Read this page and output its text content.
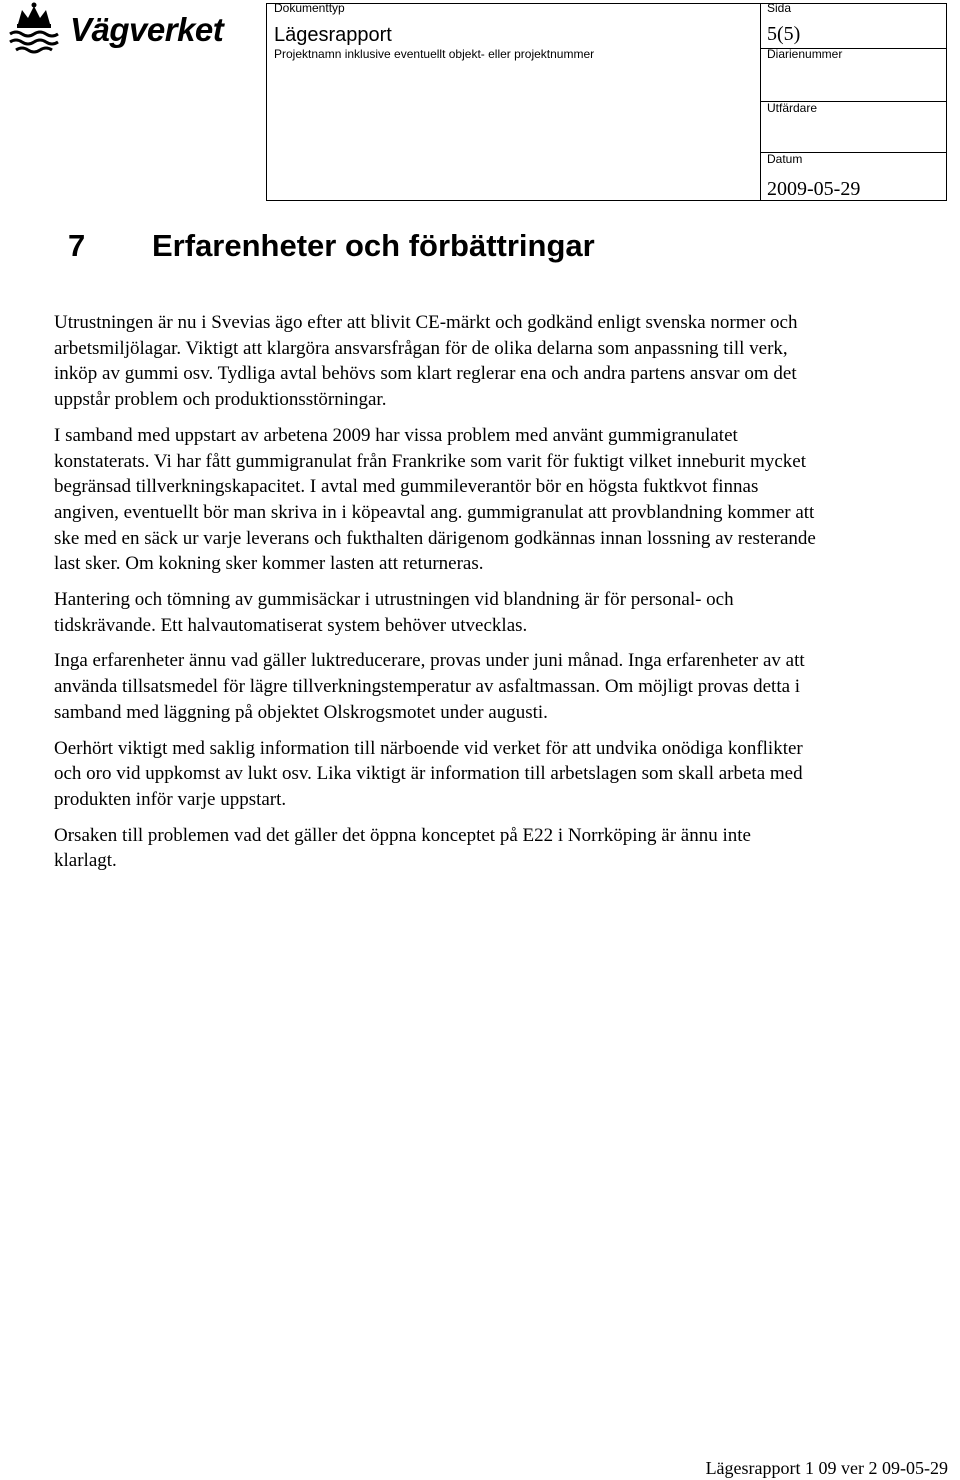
Vägverket
Dokumenttyp
Lägesrapport
Projektnamn inklusive eventuellt objekt- eller projektnummer
Sida
5(5)
Diarienummer
Utfärdare
Datum
2009-05-29
7 Erfarenheter och förbättringar

Utrustningen är nu i Svevias ägo efter att blivit CE-märkt och godkänd enligt svenska normer och
arbetsmiljölagar. Viktigt att klargöra ansvarsfrågan för de olika delarna som anpassning till verk,
inköp av gummi osv. Tydliga avtal behövs som klart reglerar ena och andra partens ansvar om det
uppstår problem och produktionsstörningar.

I samband med uppstart av arbetena 2009 har vissa problem med använt gummigranulatet
konstaterats. Vi har fått gummigranulat från Frankrike som varit för fuktigt vilket inneburit mycket
begränsad tillverkningskapacitet. I avtal med gummileverantör bör en högsta fuktkvot finnas
angiven, eventuellt bör man skriva in i köpeavtal ang. gummigranulat att provblandning kommer att
ske med en säck ur varje leverans och fukthalten därigenom godkännas innan lossning av resterande
last sker. Om kokning sker kommer lasten att returneras.

Hantering och tömning av gummisäckar i utrustningen vid blandning är för personal- och
tidskrävande. Ett halvautomatiserat system behöver utvecklas.

Inga erfarenheter ännu vad gäller luktreducerare, provas under juni månad. Inga erfarenheter av att
använda tillsatsmedel för lägre tillverkningstemperatur av asfaltmassan. Om möjligt provas detta i
samband med läggning på objektet Olskrogsmotet under augusti.

Oerhört viktigt med saklig information till närboende vid verket för att undvika onödiga konflikter
och oro vid uppkomst av lukt osv. Lika viktigt är information till arbetslagen som skall arbeta med
produkten inför varje uppstart.

Orsaken till problemen vad det gäller det öppna konceptet på E22 i Norrköping är ännu inte
klarlagt.

Lägesrapport 1 09 ver 2 09-05-29
